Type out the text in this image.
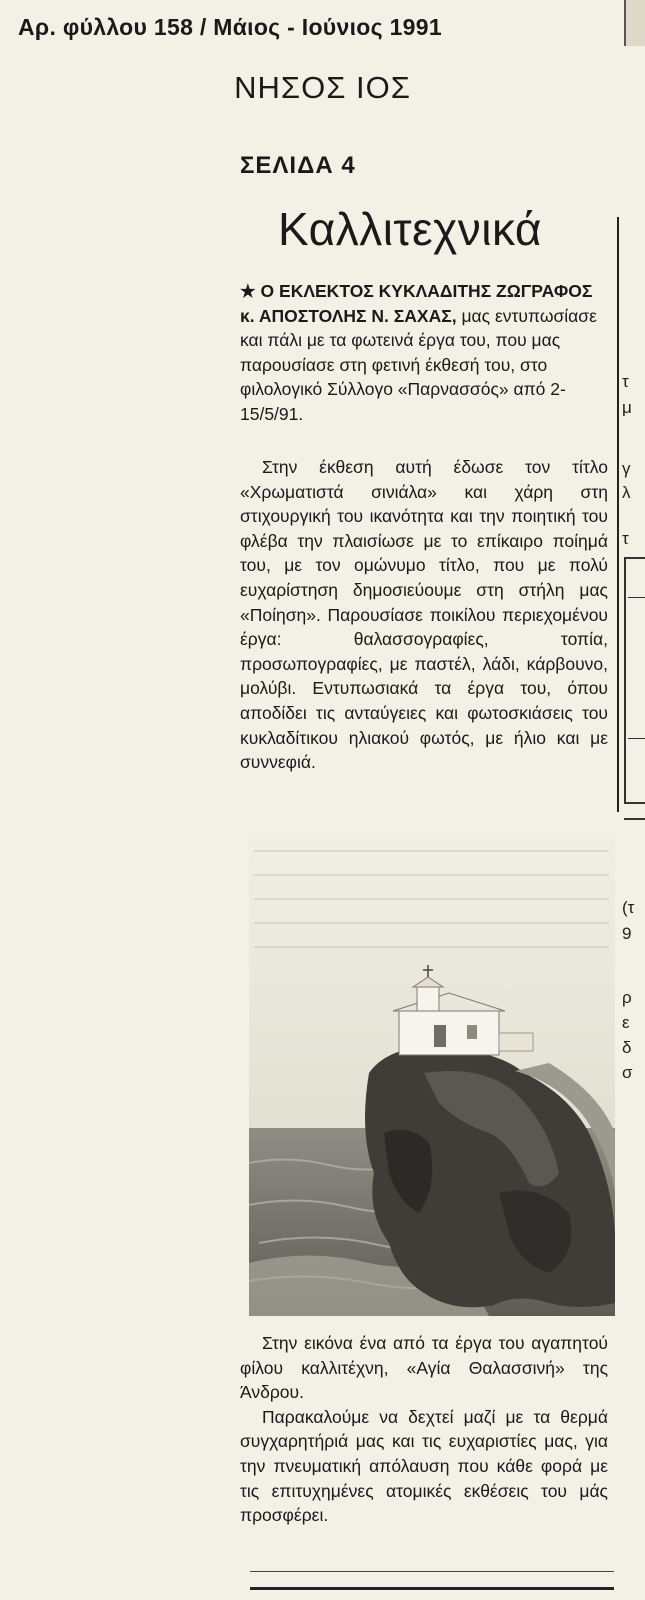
Αρ. φύλλου 158 / Μάιος - Ιούνιος 1991
ΝΗΣΟΣ ΙΟΣ
ΣΕΛΙΔΑ 4
Καλλιτεχνικά

★ Ο ΕΚΛΕΚΤΟΣ ΚΥΚΛΑΔΙΤΗΣ ΖΩΓΡΑΦΟΣ κ. ΑΠΟΣΤΟΛΗΣ Ν. ΣΑΧΑΣ, μας εντυπωσίασε και πάλι με τα φωτεινά έργα του, που μας παρουσίασε στη φετινή έκθεσή του, στο φιλολογικό Σύλλογο «Παρνασσός» από 2-15/5/91.

Στην έκθεση αυτή έδωσε τον τίτλο «Χρωματιστά σινιάλα» και χάρη στη στιχουργική του ικανότητα και την ποιητική του φλέβα την πλαισίωσε με το επίκαιρο ποίημά του, με τον ομώνυμο τίτλο, που με πολύ ευχαρίστηση δημοσιεύουμε στη στήλη μας «Ποίηση». Παρουσίασε ποικίλου περιεχομένου έργα: θαλασσογραφίες, τοπία, προσωπογραφίες, με παστέλ, λάδι, κάρβουνο, μολύβι. Εντυπωσιακά τα έργα του, όπου αποδίδει τις ανταύγειες και φωτοσκιάσεις του κυκλαδίτικου ηλιακού φωτός, με ήλιο και με συννεφιά.

Στην εικόνα ένα από τα έργα του αγαπητού φίλου καλλιτέχνη, «Αγία Θαλασσινή» της Άνδρου.

Παρακαλούμε να δεχτεί μαζί με τα θερμά συγχαρητήριά μας και τις ευχαριστίες μας, για την πνευματική απόλαυση που κάθε φορά με τις επιτυχημένες ατομικές εκθέσεις του μάς προσφέρει.

τ
μ
γ
λ
τ
(τ
9
ρ
ε
δ
σ
